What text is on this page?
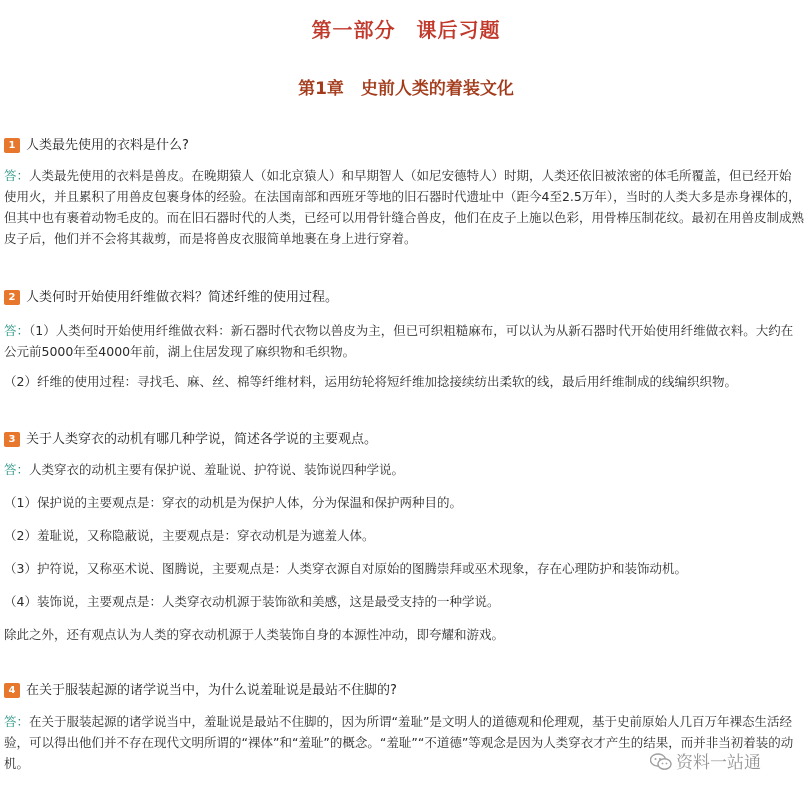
第一部分　课后习题
第1章　史前人类的着装文化
1 人类最先使用的衣料是什么?
答：人类最先使用的衣料是兽皮。在晚期猿人（如北京猿人）和早期智人（如尼安德特人）时期，人类还依旧被浓密的体毛所覆盖，但已经开始使用火，并且累积了用兽皮包裹身体的经验。在法国南部和西班牙等地的旧石器时代遗址中（距今4至2.5万年），当时的人类大多是赤身裸体的，但其中也有裹着动物毛皮的。而在旧石器时代的人类，已经可以用骨针缝合兽皮，他们在皮子上施以色彩，用骨棒压制花纹。最初在用兽皮制成熟皮子后，他们并不会将其裁剪，而是将兽皮衣服简单地裹在身上进行穿着。
2 人类何时开始使用纤维做衣料？简述纤维的使用过程。
答：（1）人类何时开始使用纤维做衣料：新石器时代衣物以兽皮为主，但已可织粗糙麻布，可以认为从新石器时代开始使用纤维做衣料。大约在公元前5000年至4000年前，湖上住居发现了麻织物和毛织物。
（2）纤维的使用过程：寻找毛、麻、丝、棉等纤维材料，运用纺轮将短纤维加捻接续纺出柔软的线，最后用纤维制成的线编织织物。
3 关于人类穿衣的动机有哪几种学说，简述各学说的主要观点。
答：人类穿衣的动机主要有保护说、羞耻说、护符说、装饰说四种学说。
（1）保护说的主要观点是：穿衣的动机是为保护人体，分为保温和保护两种目的。
（2）羞耻说，又称隐蔽说，主要观点是：穿衣动机是为遮羞人体。
（3）护符说，又称巫术说、图腾说，主要观点是：人类穿衣源自对原始的图腾崇拜或巫术现象，存在心理防护和装饰动机。
（4）装饰说，主要观点是：人类穿衣动机源于装饰欲和美感，这是最受支持的一种学说。
除此之外，还有观点认为人类的穿衣动机源于人类装饰自身的本源性冲动，即夸耀和游戏。
4 在关于服装起源的诸学说当中，为什么说羞耻说是最站不住脚的?
答：在关于服装起源的诸学说当中，羞耻说是最站不住脚的，因为所谓“羞耻”是文明人的道德观和伦理观，基于史前原始人几百万年裸态生活经验，可以得出他们并不存在现代文明所谓的“裸体”和“羞耻”的概念。“羞耻”“不道德”等观念是因为人类穿衣才产生的结果，而并非当初着装的动机。	资料一站通
